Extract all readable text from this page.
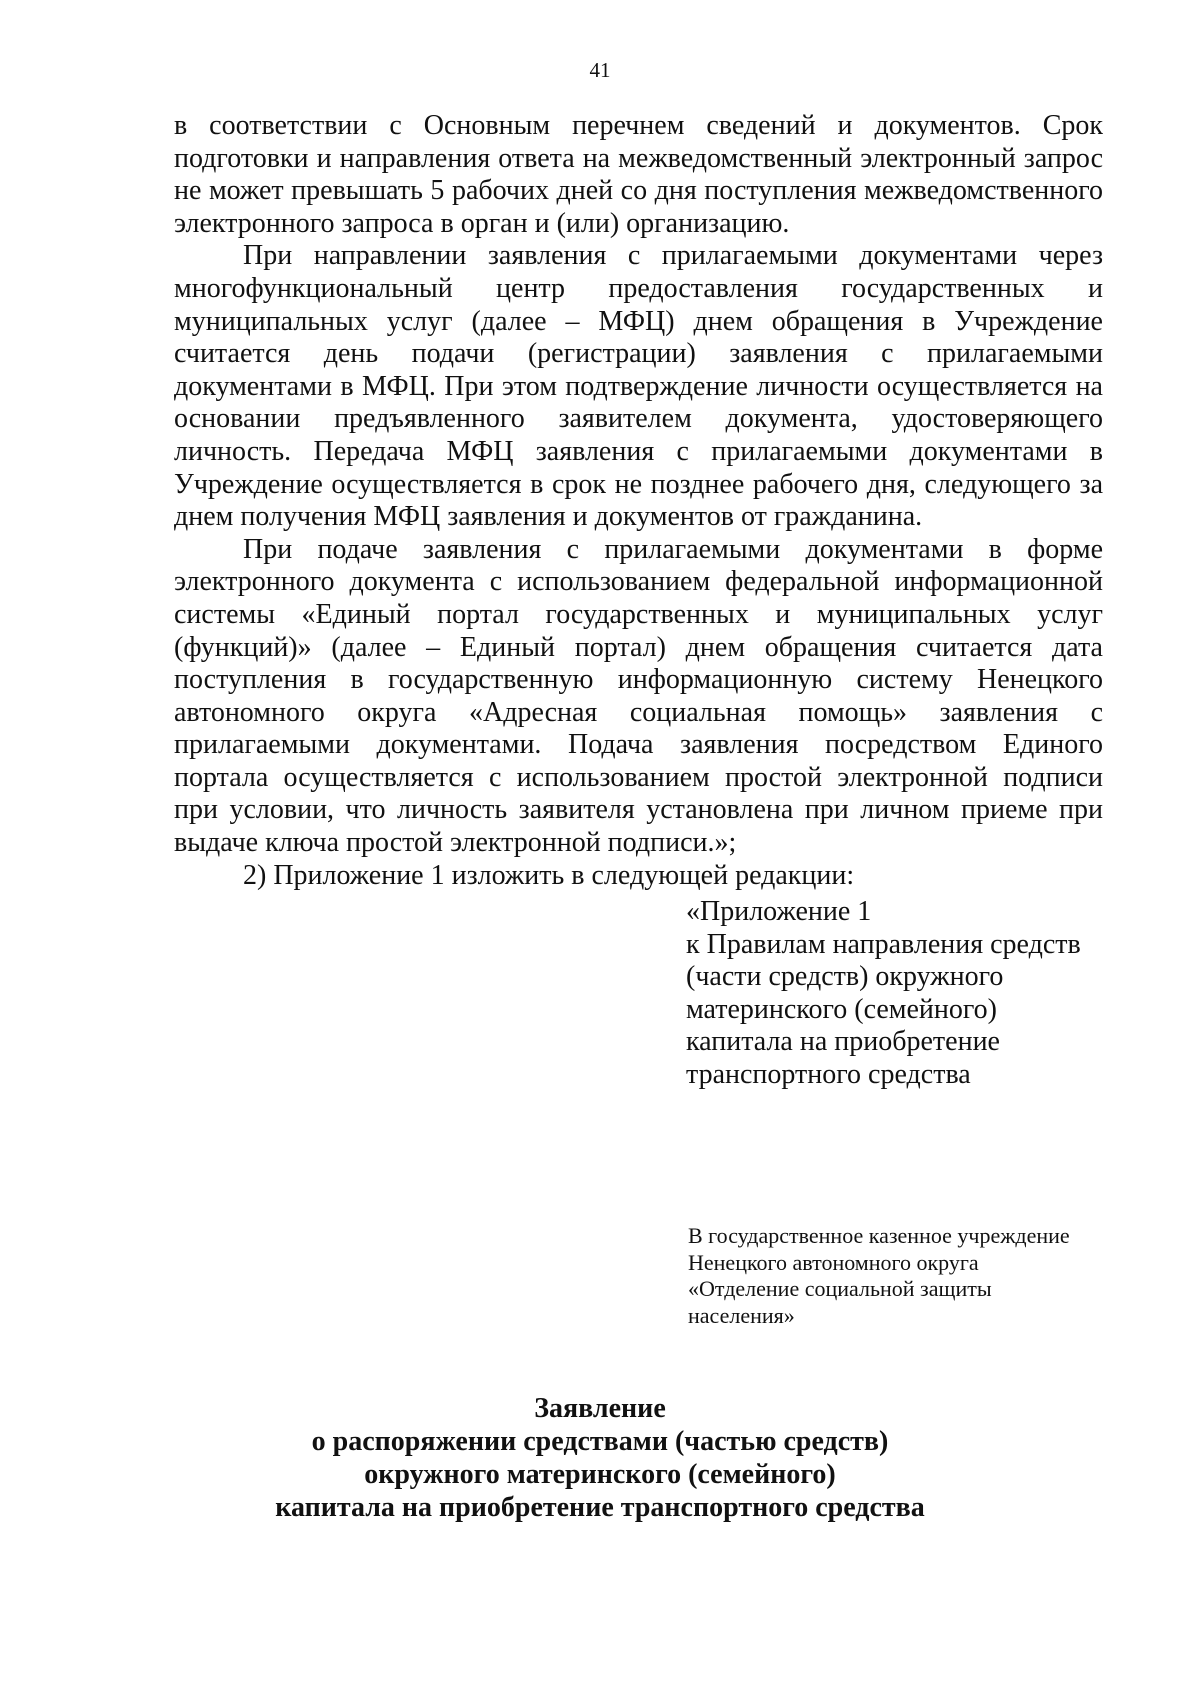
41

в соответствии с Основным перечнем сведений и документов. Срок подготовки и направления ответа на межведомственный электронный запрос не может превышать 5 рабочих дней со дня поступления межведомственного электронного запроса в орган и (или) организацию.

При направлении заявления с прилагаемыми документами через многофункциональный центр предоставления государственных и муниципальных услуг (далее – МФЦ) днем обращения в Учреждение считается день подачи (регистрации) заявления с прилагаемыми документами в МФЦ. При этом подтверждение личности осуществляется на основании предъявленного заявителем документа, удостоверяющего личность. Передача МФЦ заявления с прилагаемыми документами в Учреждение осуществляется в срок не позднее рабочего дня, следующего за днем получения МФЦ заявления и документов от гражданина.

При подаче заявления с прилагаемыми документами в форме электронного документа с использованием федеральной информационной системы «Единый портал государственных и муниципальных услуг (функций)» (далее – Единый портал) днем обращения считается дата поступления в государственную информационную систему Ненецкого автономного округа «Адресная социальная помощь» заявления с прилагаемыми документами. Подача заявления посредством Единого портала осуществляется с использованием простой электронной подписи при условии, что личность заявителя установлена при личном приеме при выдаче ключа простой электронной подписи.»;

2) Приложение 1 изложить в следующей редакции:

«Приложение 1
к Правилам направления средств
(части средств) окружного
материнского (семейного)
капитала на приобретение
транспортного средства
В государственное казенное учреждение
Ненецкого автономного округа
«Отделение социальной защиты
населения»
Заявление
о распоряжении средствами (частью средств)
окружного материнского (семейного)
капитала на приобретение транспортного средства
